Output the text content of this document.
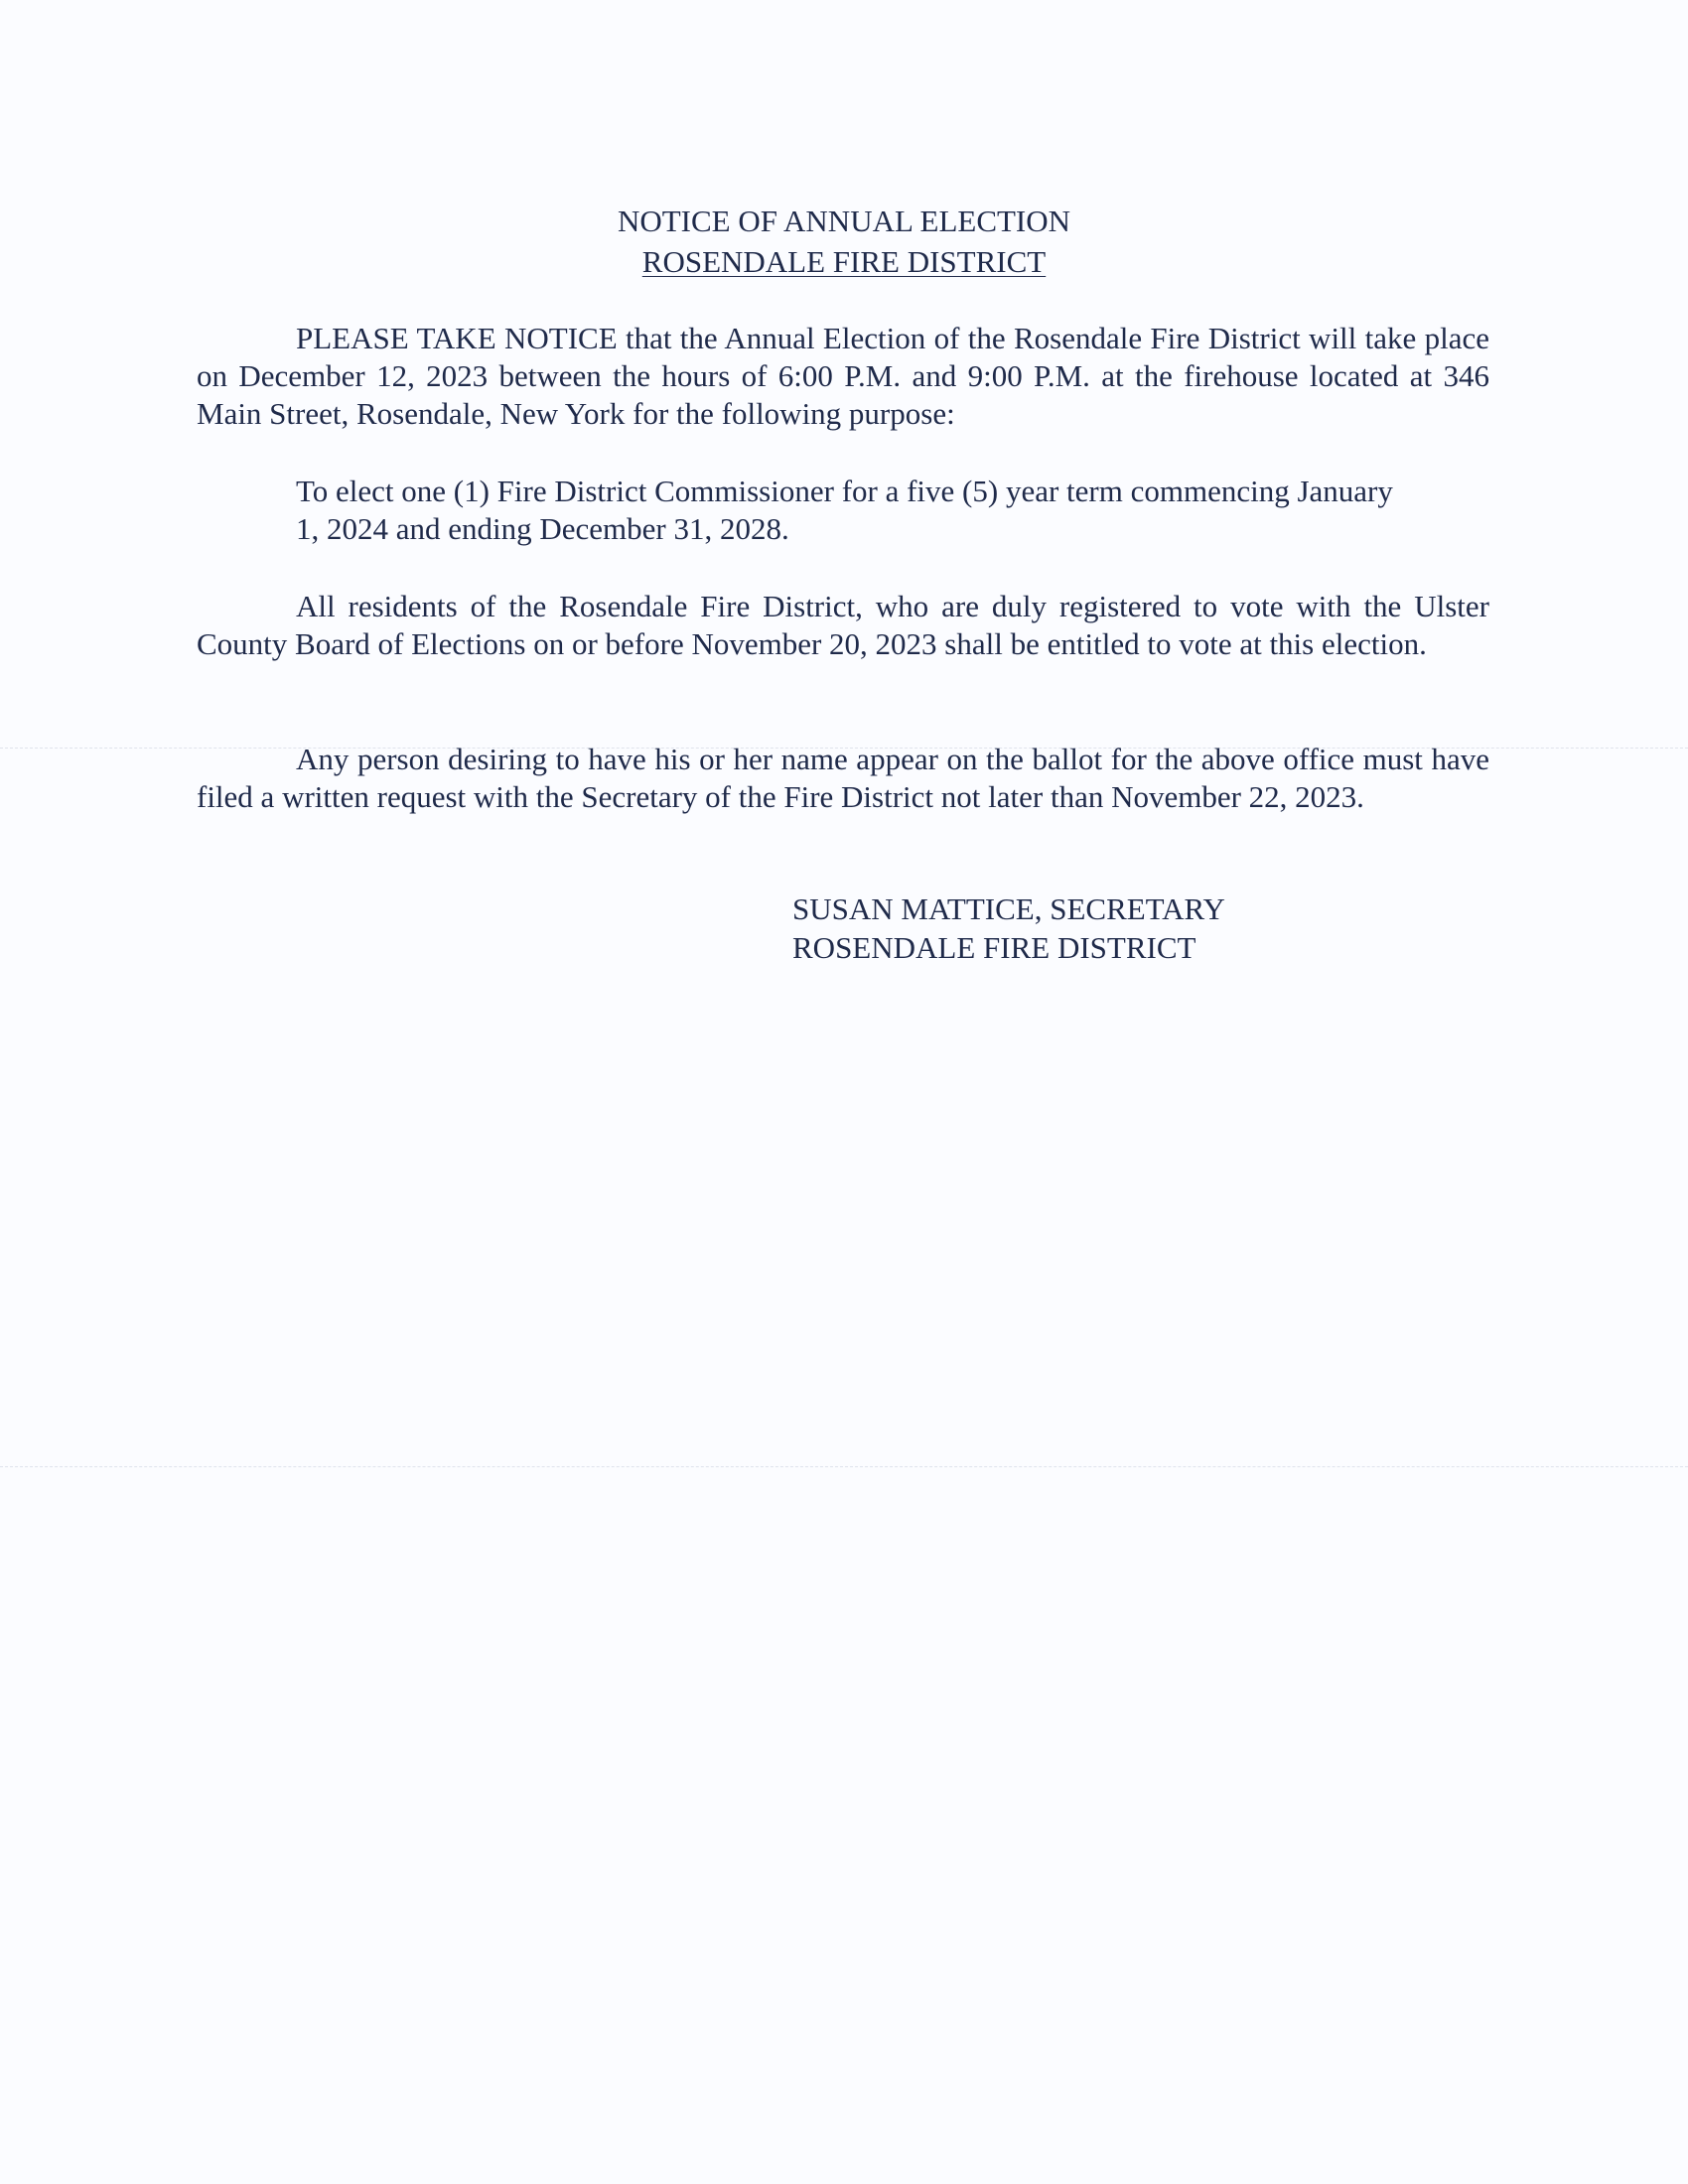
NOTICE OF ANNUAL ELECTION
ROSENDALE FIRE DISTRICT

PLEASE TAKE NOTICE that the Annual Election of the Rosendale Fire District will take place on December 12, 2023 between the hours of 6:00 P.M. and 9:00 P.M. at the firehouse located at 346 Main Street, Rosendale, New York for the following purpose:

To elect one (1) Fire District Commissioner for a five (5) year term commencing January 1, 2024 and ending December 31, 2028.

All residents of the Rosendale Fire District, who are duly registered to vote with the Ulster County Board of Elections on or before November 20, 2023 shall be entitled to vote at this election.

Any person desiring to have his or her name appear on the ballot for the above office must have filed a written request with the Secretary of the Fire District not later than November 22, 2023.

SUSAN MATTICE, SECRETARY
ROSENDALE FIRE DISTRICT
